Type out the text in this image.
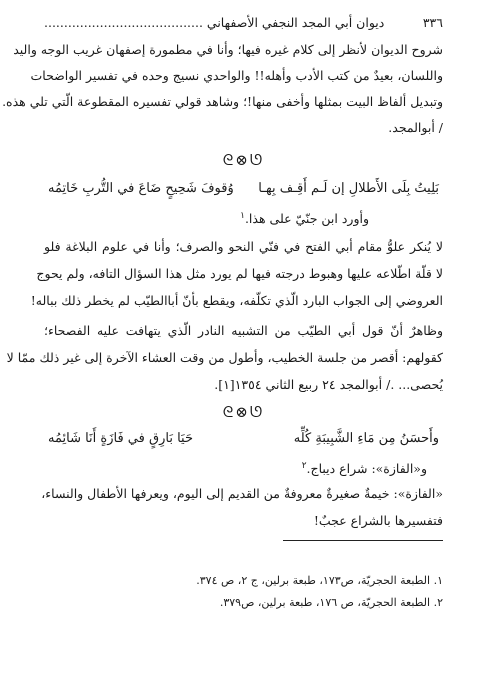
٣٣٦
ديوان أبي المجد النجفي الأصفهاني ........................................
شروح الديوان لأنظر إلى كلام غيره فيها؛ وأنا في مطمورة إصفهان غريب الوجه واليد
واللسان، بعيدٌ من كتب الأدب وأهله!! والواحدي نسيج وحده في تفسير الواضحات
وتبديل ألفاظ البيت بمثلها وأخفى منها!؛ وشاهد قولي تفسيره المقطوعة الّتي تلي هذه.
/ أبوالمجد.
ᘓ⊗ᘎ
بَلِيتُ بِلَى الأَطلالِ إن لَـم أَقِـف بِهـا
وُقوفَ شَحِيحٍ ضَاعَ في التُّربِ خَاتِمُه
وأورد ابن جنّيّ على هذا.$^١$
لا يُنكر علوُّ مقام أبي الفتح في فنّي النحو والصرف؛ وأنا في علوم البلاغة فلو
لا قلّة اطّلاعه عليها وهبوط درجته فيها لم يورد مثل هذا السؤال التافه، ولم يحوج
العروضي إلى الجواب البارد الّذي تكلّفه، ويقطع بأنّ أباالطيّب لم يخطر ذلك بباله!
وظاهرٌ أنّ قول أبي الطيّب من التشبيه النادر الّذي يتهافت عليه الفصحاء؛
كقولهم: أقصر من جلسة الخطيب، وأطول من وقت العشاء الآخرة إلى غير ذلك ممّا لا
يُحصى... ./ أبوالمجد ٢٤ ربيع الثاني ١٣٥٤[١].
ᘓ⊗ᘎ
وأَحسَنُ مِن مَاءِ الشَّبِيبَةِ كُلِّه
حَيَا بَارِقٍ في فَازَةٍ أَنَا شَائِمُه
و«الفازة»: شراع ديباج.$^٢$
«الفازة»: خيمةٌ صغيرةٌ معروفةٌ من القديم إلى اليوم، ويعرفها الأطفال والنساء،
فتفسيرها بالشراع عجبٌ!
١. الطبعة الحجريّة، ص١٧٣، طبعة برلين، ج ٢، ص ٣٧٤.
٢. الطبعة الحجريّة، ص ١٧٦، طبعة برلين، ص٣٧٩.
